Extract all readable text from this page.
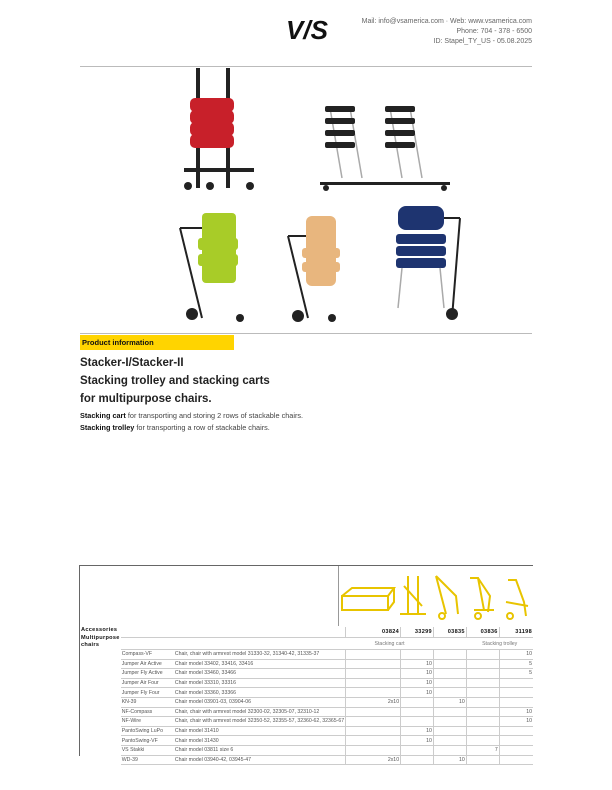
V/S	Mail: info@vsamerica.com · Web: www.vsamerica.com
Phone: 704 - 378 - 6500
ID: Stapel_TY_US - 05.08.2025
Product information
Stacker-I/Stacker-II
Stacking trolley and stacking carts
for multipurpose chairs.
Stacking cart for transporting and storing 2 rows of stackable chairs.
Stacking trolley for transporting a row of stackable chairs.
Accessories
Multipurpose
chairs			03824	33299	03835	03836	31198
			Stacking cart			Stacking trolley	
	Compass-VF	Chair, chair with armrest model 31330-32, 31340-42, 31335-37					10
	Jumper Air Active	Chair model 33402, 33416, 33416		10			5
	Jumper Fly Active	Chair model 33460, 33466		10			5
	Jumper Air Four	Chair model 33310, 33316		10			
	Jumper Fly Four	Chair model 33360, 33366		10			
	KN-39	Chair model 03901-03, 03904-06	2x10		10		
	NF-Compass	Chair, chair with armrest model 32300-02, 32305-07, 32310-12					10
	NF-Wire	Chair, chair with armrest model 32350-52, 32355-57, 32360-62, 32365-67					10
	PantoSwing LuPo	Chair model 31410		10			
	PantoSwing-VF	Chair model 31430		10			
	VS Stakki	Chair model 03811 size 6				7	
	WD-39	Chair model 03940-42, 03945-47	2x10		10		
